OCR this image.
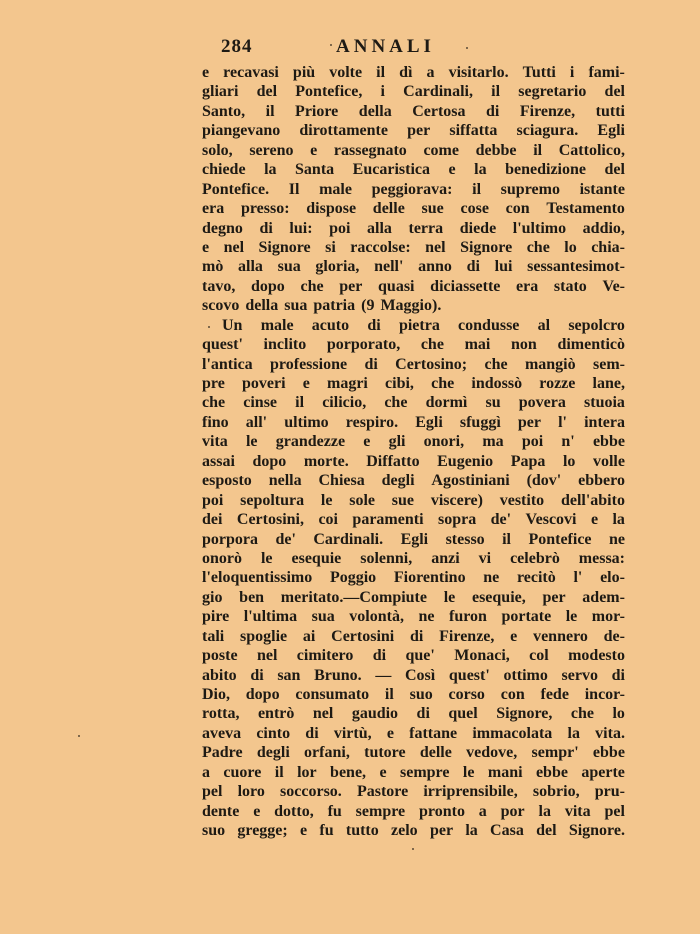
284	ANNALI
e recavasi più volte il dì a visitarlo. Tutti i fami-
gliari del Pontefice, i Cardinali, il segretario del
Santo, il Priore della Certosa di Firenze, tutti
piangevano dirottamente per siffatta sciagura. Egli
solo, sereno e rassegnato come debbe il Cattolico,
chiede la Santa Eucaristica e la benedizione del
Pontefice. Il male peggiorava: il supremo istante
era presso: dispose delle sue cose con Testamento
degno di lui: poi alla terra diede l'ultimo addio,
e nel Signore si raccolse: nel Signore che lo chia-
mò alla sua gloria, nell' anno di lui sessantesimot-
tavo, dopo che per quasi diciassette era stato Ve-
scovo della sua patria (9 Maggio).
Un male acuto di pietra condusse al sepolcro
quest' inclito porporato, che mai non dimenticò
l'antica professione di Certosino; che mangiò sem-
pre poveri e magri cibi, che indossò rozze lane,
che cinse il cilicio, che dormì su povera stuoia
fino all' ultimo respiro. Egli sfuggì per l' intera
vita le grandezze e gli onori, ma poi n' ebbe
assai dopo morte. Diffatto Eugenio Papa lo volle
esposto nella Chiesa degli Agostiniani (dov' ebbero
poi sepoltura le sole sue viscere) vestito dell'abito
dei Certosini, coi paramenti sopra de' Vescovi e la
porpora de' Cardinali. Egli stesso il Pontefice ne
onorò le esequie solenni, anzi vi celebrò messa:
l'eloquentissimo Poggio Fiorentino ne recitò l' elo-
gio ben meritato.—Compiute le esequie, per adem-
pire l'ultima sua volontà, ne furon portate le mor-
tali spoglie ai Certosini di Firenze, e vennero de-
poste nel cimitero di que' Monaci, col modesto
abito di san Bruno. — Così quest' ottimo servo di
Dio, dopo consumato il suo corso con fede incor-
rotta, entrò nel gaudio di quel Signore, che lo
aveva cinto di virtù, e fattane immacolata la vita.
Padre degli orfani, tutore delle vedove, sempr' ebbe
a cuore il lor bene, e sempre le mani ebbe aperte
pel loro soccorso. Pastore irriprensibile, sobrio, pru-
dente e dotto, fu sempre pronto a por la vita pel
suo gregge; e fu tutto zelo per la Casa del Signore.
